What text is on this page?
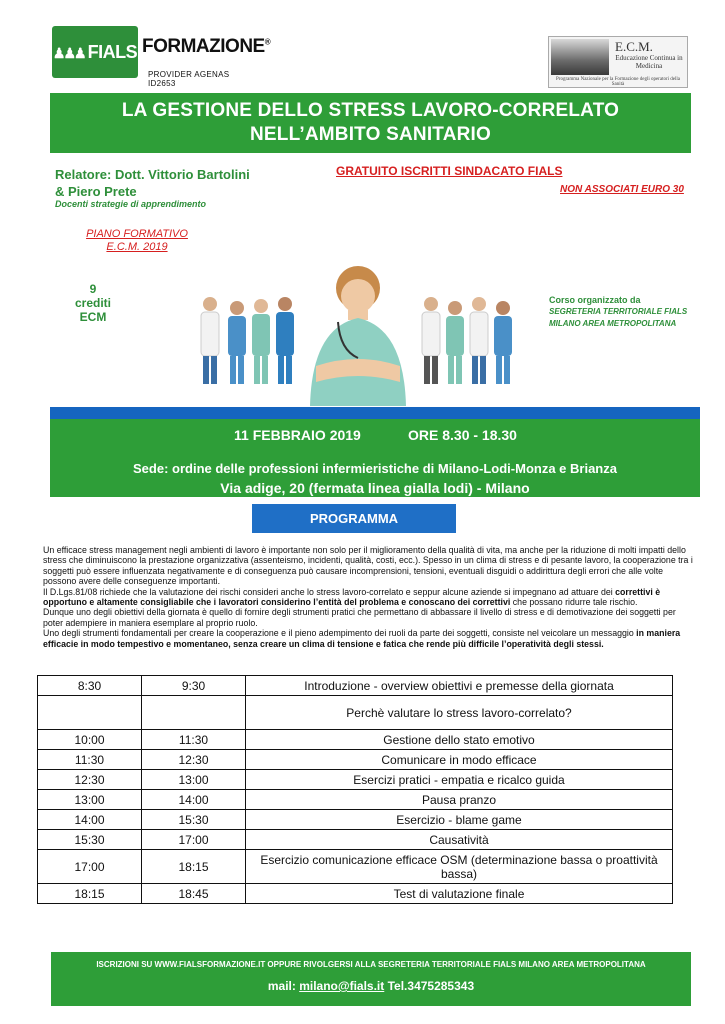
♟♟♟ FIALS FORMAZIONE®
PROVIDER AGENAS ID2653
E.C.M.
Educazione Continua in Medicina
Programma Nazionale per la Formazione degli operatori della Sanità
LA GESTIONE DELLO STRESS LAVORO-CORRELATO
NELL’AMBITO SANITARIO
Relatore: Dott. Vittorio Bartolini & Piero Prete
Docenti strategie di apprendimento
GRATUITO ISCRITTI SINDACATO FIALS
NON ASSOCIATI EURO 30
PIANO FORMATIVO
E.C.M. 2019
9
crediti
ECM
Corso organizzato da
SEGRETERIA TERRITORIALE FIALS
MILANO AREA METROPOLITANA
11 FEBBRAIO 2019	ORE 8.30 - 18.30
Sede: ordine delle professioni infermieristiche di Milano-Lodi-Monza e Brianza
Via adige, 20 (fermata linea gialla lodi) - Milano
PROGRAMMA

Un efficace stress management negli ambienti di lavoro è importante non solo per il miglioramento della qualità di vita, ma anche per la riduzione di molti impatti dello stress che diminuiscono la prestazione organizzativa (assenteismo, incidenti, qualità, costi, ecc.). Spesso in un clima di stress e di pesante lavoro, la cooperazione tra i soggetti può essere influenzata negativamente e di conseguenza può causare incomprensioni, tensioni, eventuali disguidi o addirittura degli errori che alle volte possono avere delle conseguenze importanti.

Il D.Lgs.81/08 richiede che la valutazione dei rischi consideri anche lo stress lavoro-correlato e seppur alcune aziende si impegnano ad attuare dei correttivi è opportuno e altamente consigliabile che i lavoratori considerino l’entità del problema e conoscano dei correttivi che possano ridurre tale rischio.

Dunque uno degli obiettivi della giornata è quello di fornire degli strumenti pratici che permettano di abbassare il livello di stress e di demotivazione dei soggetti per poter adempiere in maniera esemplare al proprio ruolo.

Uno degli strumenti fondamentali per creare la cooperazione e il pieno adempimento dei ruoli da parte dei soggetti, consiste nel veicolare un messaggio in maniera efficacie in modo tempestivo e momentaneo, senza creare un clima di tensione e fatica che rende più difficile l’operatività degli stessi.

8:30	9:30	Introduzione - overview obiettivi e premesse della giornata
		Perchè valutare lo stress lavoro-correlato?
10:00	11:30	Gestione dello stato emotivo
11:30	12:30	Comunicare in modo efficace
12:30	13:00	Esercizi pratici - empatia e ricalco guida
13:00	14:00	Pausa pranzo
14:00	15:30	Esercizio - blame game
15:30	17:00	Causatività
17:00	18:15	Esercizio comunicazione efficace OSM (determinazione bassa o proattività bassa)
18:15	18:45	Test di valutazione finale
ISCRIZIONI SU WWW.FIALSFORMAZIONE.IT OPPURE RIVOLGERSI ALLA SEGRETERIA TERRITORIALE FIALS MILANO AREA METROPOLITANA
mail: milano@fials.it Tel.3475285343
